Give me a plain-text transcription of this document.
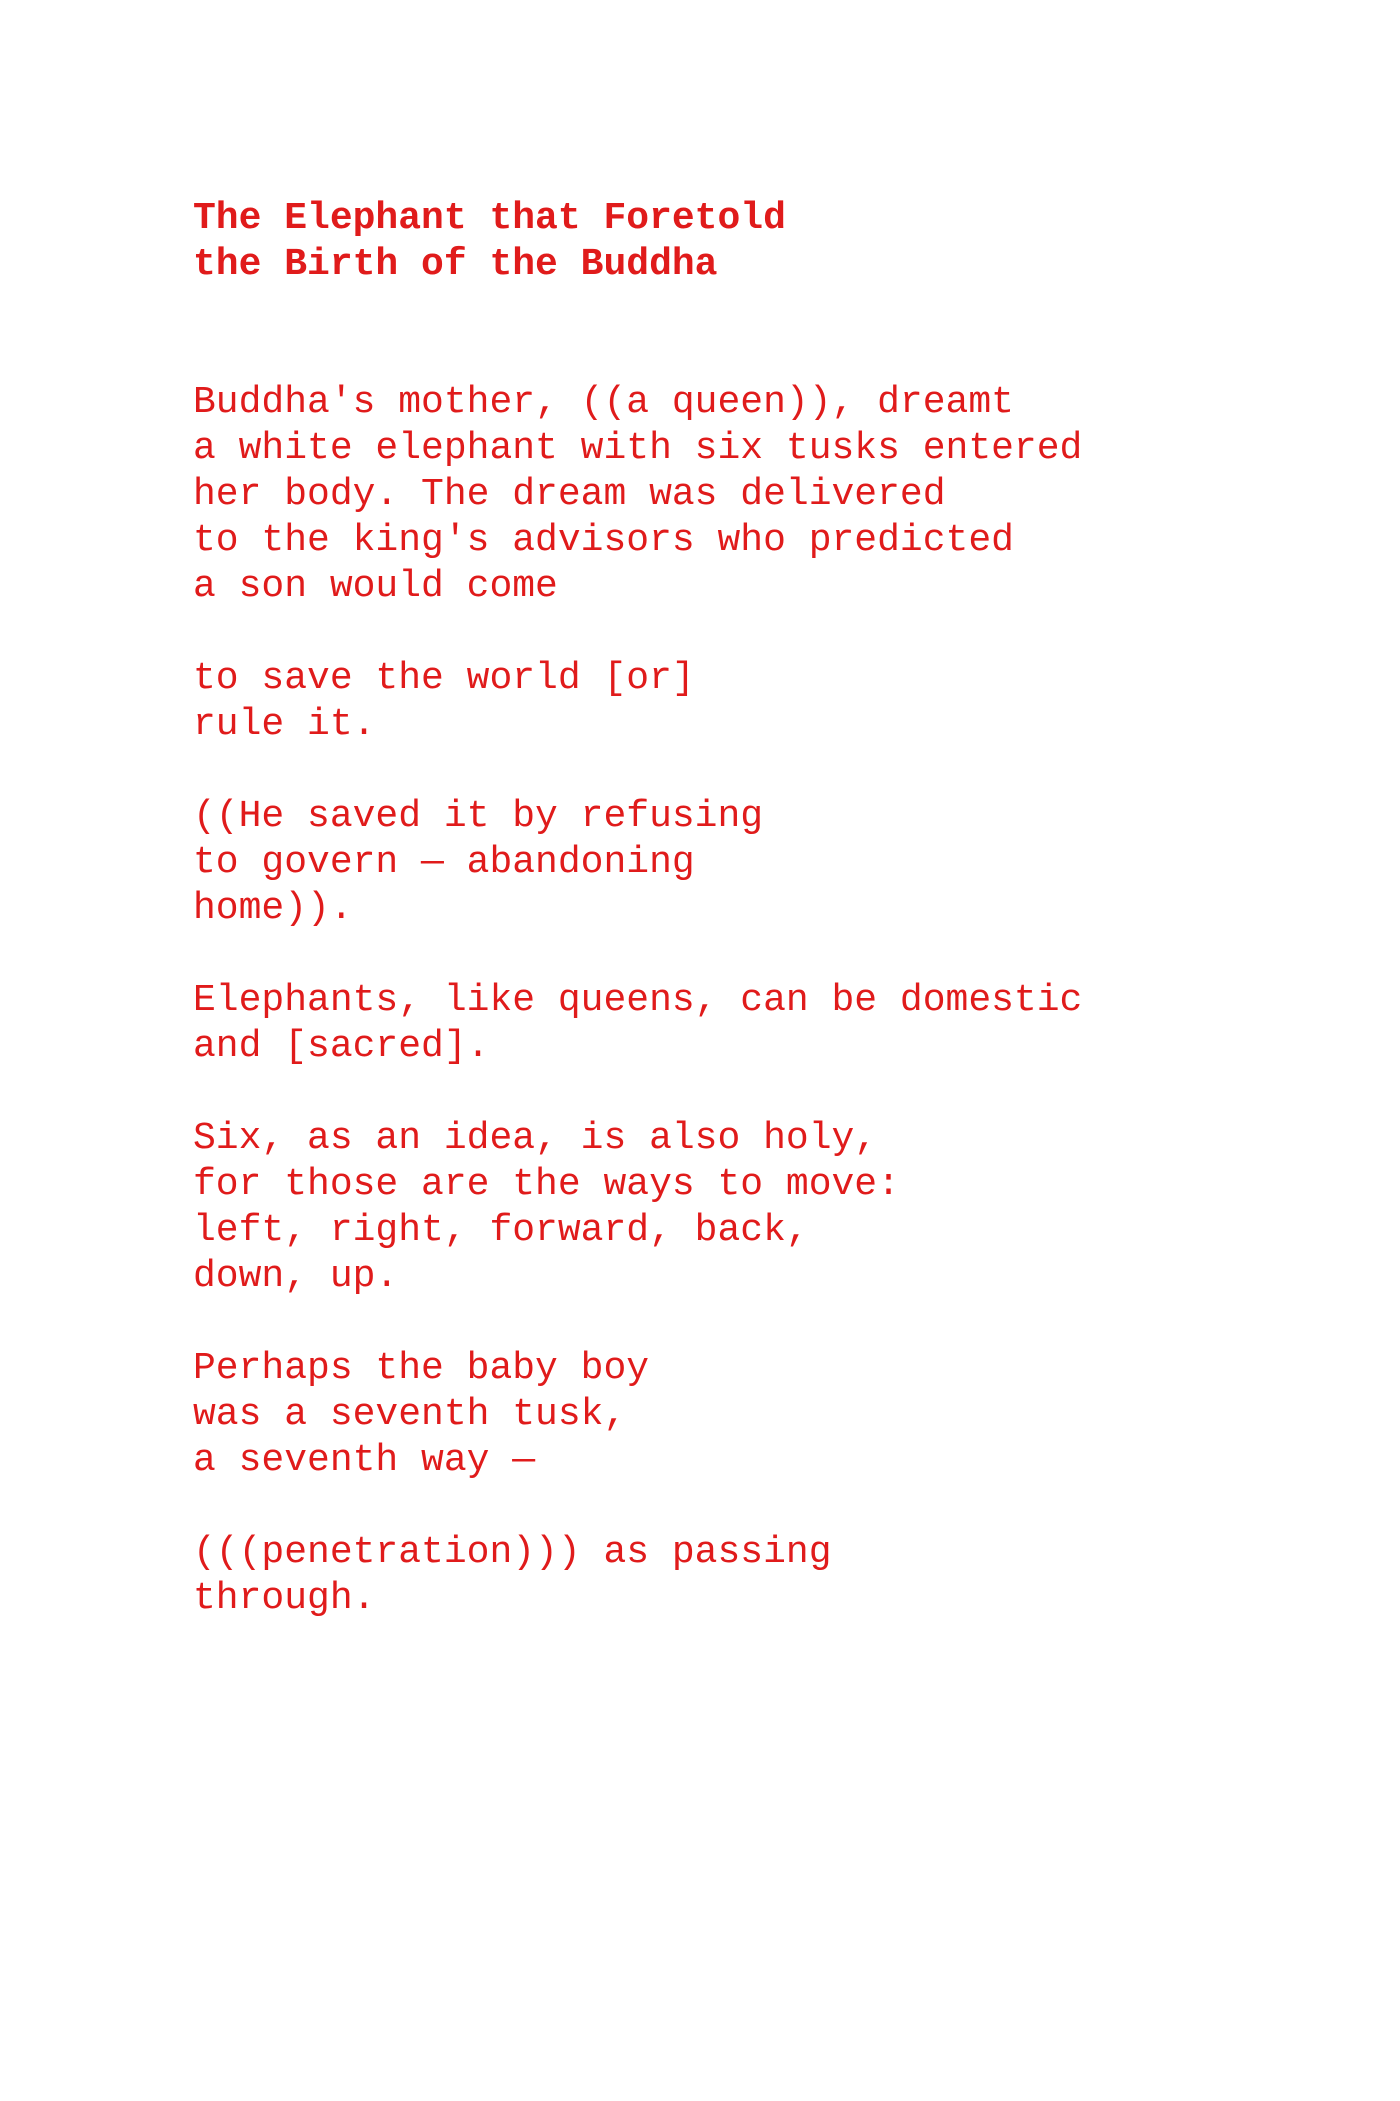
The Elephant that Foretold
the Birth of the Buddha

Buddha's mother, ((a queen)), dreamt
a white elephant with six tusks entered
her body. The dream was delivered
to the king's advisors who predicted
a son would come

to save the world [or]
rule it.

((He saved it by refusing
to govern — abandoning
home)).

Elephants, like queens, can be domestic
and [sacred].

Six, as an idea, is also holy,
for those are the ways to move:
left, right, forward, back,
down, up.

Perhaps the baby boy
was a seventh tusk,
a seventh way —

(((penetration))) as passing
through.
